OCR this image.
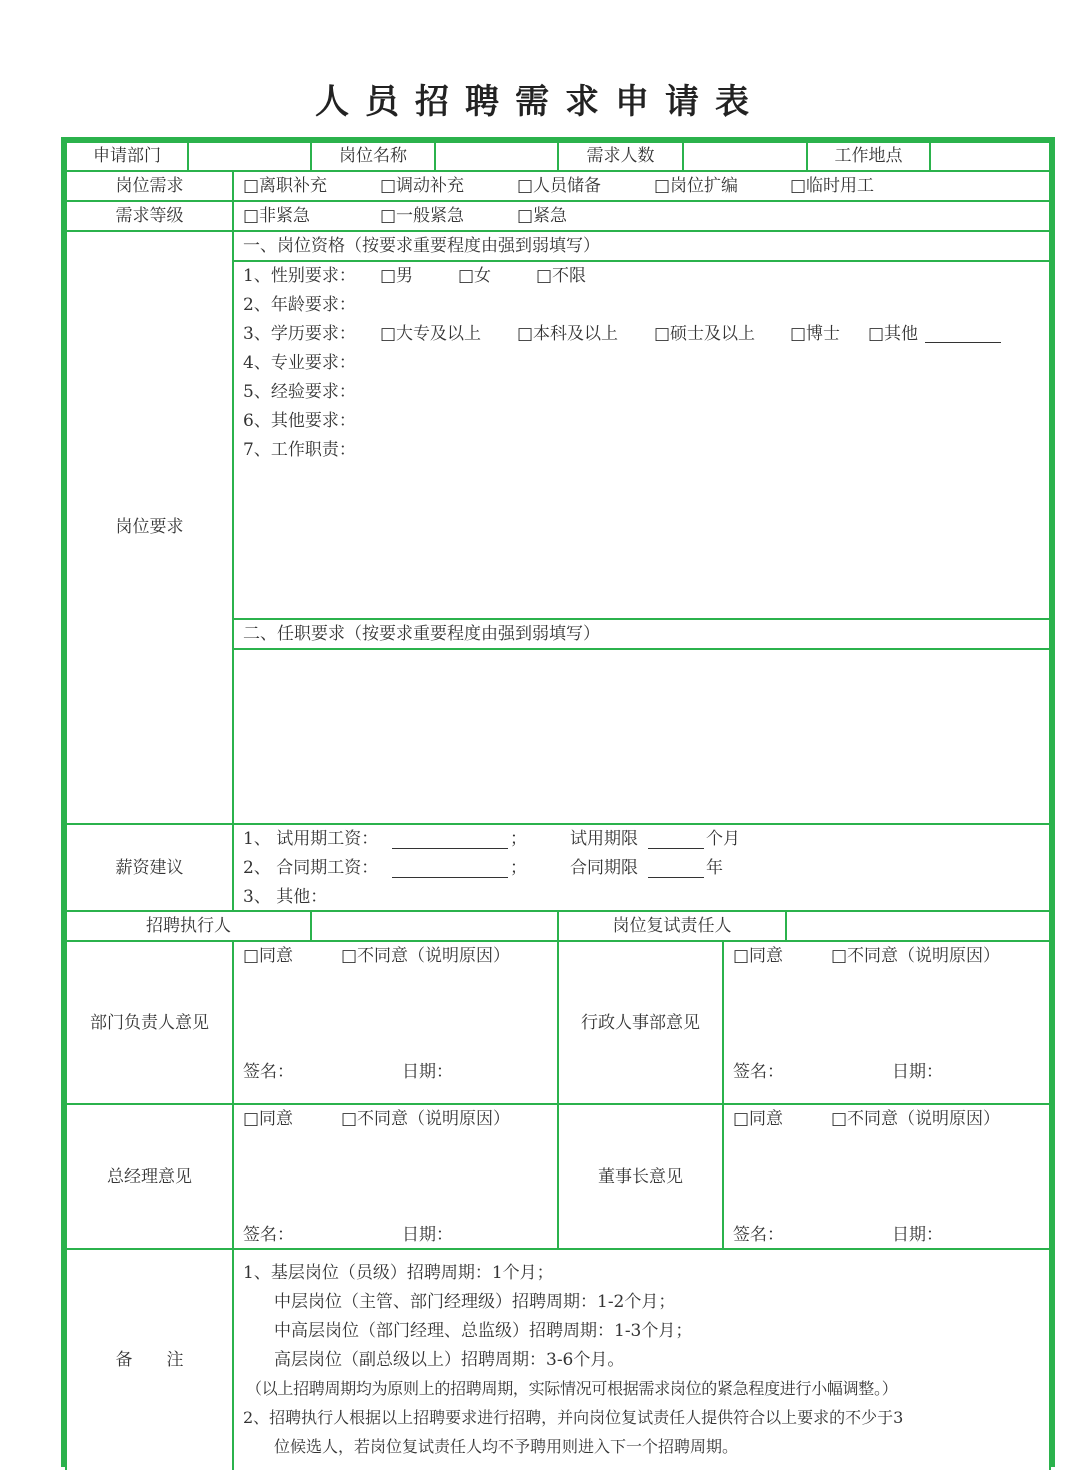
人员招聘需求申请表
申请部门	岗位名称	需求人数	工作地点
岗位需求	□离职补充	□调动补充	□人员储备	□岗位扩编	□临时用工
需求等级	□非紧急	□一般紧急	□紧急
岗位要求
一、岗位资格（按要求重要程度由强到弱填写）
1、性别要求： □男	□女	□不限
2、年龄要求：
3、学历要求： □大专及以上 □本科及以上 □硕士及以上 □博士 □其他
4、专业要求：
5、经验要求：
6、其他要求：
7、工作职责：
二、任职要求（按要求重要程度由强到弱填写）
薪资建议
1、 试用期工资：	；	试用期限	个月
2、 合同期工资：	；	合同期限	年
3、 其他：
招聘执行人	岗位复试责任人
部门负责人意见
□同意	□不同意（说明原因）
签名：	日期：
行政人事部意见
□同意	□不同意（说明原因）
签名：	日期：
总经理意见
□同意	□不同意（说明原因）
签名：	日期：
董事长意见
□同意	□不同意（说明原因）
签名：	日期：
备　　注
1、基层岗位（员级）招聘周期：1个月；
中层岗位（主管、部门经理级）招聘周期：1-2个月；
中高层岗位（部门经理、总监级）招聘周期：1-3个月；
高层岗位（副总级以上）招聘周期：3-6个月。
（以上招聘周期均为原则上的招聘周期，实际情况可根据需求岗位的紧急程度进行小幅调整。）
2、招聘执行人根据以上招聘要求进行招聘，并向岗位复试责任人提供符合以上要求的不少于3
位候选人，若岗位复试责任人均不予聘用则进入下一个招聘周期。
